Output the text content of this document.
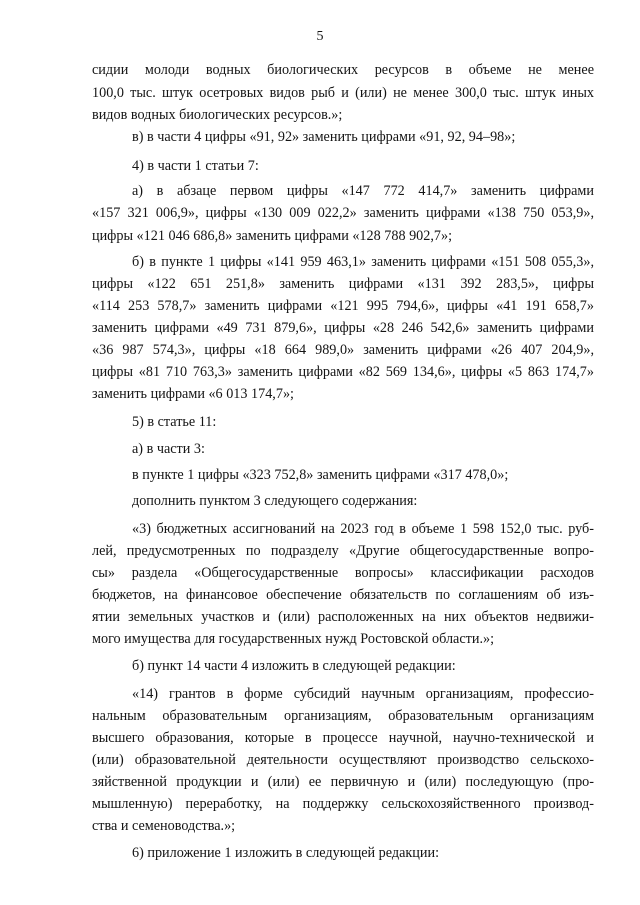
5
сидии молоди водных биологических ресурсов в объеме не менее
100,0 тыс. штук осетровых видов рыб и (или) не менее 300,0 тыс. штук иных
видов водных биологических ресурсов.»;
в) в части 4 цифры «91, 92» заменить цифрами «91, 92, 94–98»;
4) в части 1 статьи 7:
а) в абзаце первом цифры «147 772 414,7» заменить цифрами
«157 321 006,9», цифры «130 009 022,2» заменить цифрами «138 750 053,9»,
цифры «121 046 686,8» заменить цифрами «128 788 902,7»;
б) в пункте 1 цифры «141 959 463,1» заменить цифрами «151 508 055,3»,
цифры «122 651 251,8» заменить цифрами «131 392 283,5», цифры
«114 253 578,7» заменить цифрами «121 995 794,6», цифры «41 191 658,7»
заменить цифрами «49 731 879,6», цифры «28 246 542,6» заменить цифрами
«36 987 574,3», цифры «18 664 989,0» заменить цифрами «26 407 204,9»,
цифры «81 710 763,3» заменить цифрами «82 569 134,6», цифры «5 863 174,7»
заменить цифрами «6 013 174,7»;
5) в статье 11:
а) в части 3:
в пункте 1 цифры «323 752,8» заменить цифрами «317 478,0»;
дополнить пунктом 3 следующего содержания:
«3) бюджетных ассигнований на 2023 год в объеме 1 598 152,0 тыс. руб-
лей, предусмотренных по подразделу «Другие общегосударственные вопро-
сы» раздела «Общегосударственные вопросы» классификации расходов
бюджетов, на финансовое обеспечение обязательств по соглашениям об изъ-
ятии земельных участков и (или) расположенных на них объектов недвижи-
мого имущества для государственных нужд Ростовской области.»;
б) пункт 14 части 4 изложить в следующей редакции:
«14) грантов в форме субсидий научным организациям, профессио-
нальным образовательным организациям, образовательным организациям
высшего образования, которые в процессе научной, научно-технической и
(или) образовательной деятельности осуществляют производство сельскохо-
зяйственной продукции и (или) ее первичную и (или) последующую (про-
мышленную) переработку, на поддержку сельскохозяйственного производ-
ства и семеноводства.»;
6) приложение 1 изложить в следующей редакции:
